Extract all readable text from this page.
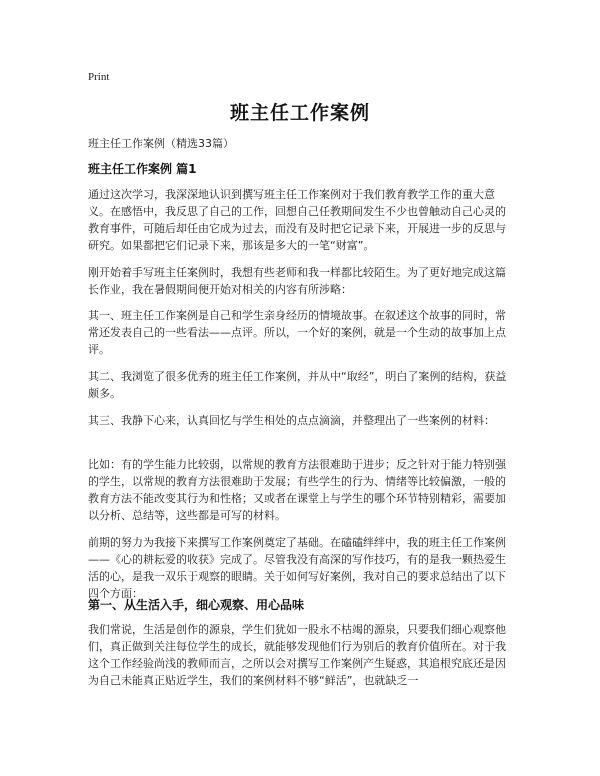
Print
班主任工作案例
班主任工作案例（精选33篇）
班主任工作案例 篇1

通过这次学习，我深深地认识到撰写班主任工作案例对于我们教育教学工作的重大意义。在感悟中，我反思了自己的工作，回想自己任教期间发生不少也曾触动自己心灵的教育事件，可随后却任由它成为过去，而没有及时把它记录下来，开展进一步的反思与研究。如果都把它们记录下来，那该是多大的一笔“财富”。

刚开始着手写班主任案例时，我想有些老师和我一样都比较陌生。为了更好地完成这篇长作业，我在暑假期间便开始对相关的内容有所涉略：

其一、班主任工作案例是自己和学生亲身经历的情境故事。在叙述这个故事的同时，常常还发表自己的一些看法——点评。所以，一个好的案例，就是一个生动的故事加上点评。

其二、我浏览了很多优秀的班主任工作案例，并从中“取经”，明白了案例的结构，获益颇多。

其三、我静下心来，认真回忆与学生相处的点点滴滴，并整理出了一些案例的材料：

比如：有的学生能力比较弱，以常规的教育方法很难助于进步；反之针对于能力特别强的学生，以常规的教育方法很难助于发展；有些学生的行为、情绪等比较偏激，一般的教育方法不能改变其行为和性格；又或者在课堂上与学生的哪个环节特别精彩，需要加以分析、总结等，这些都是可写的材料。

前期的努力为我接下来撰写工作案例奠定了基础。在磕磕绊绊中，我的班主任工作案例——《心的耕耘爱的收获》完成了。尽管我没有高深的写作技巧，有的是我一颗热爱生活的心，是我一双乐于观察的眼睛。关于如何写好案例，我对自己的要求总结出了以下四个方面：

第一、从生活入手，细心观察、用心品味

我们常说，生活是创作的源泉，学生们犹如一股永不枯竭的源泉，只要我们细心观察他们，真正做到关注每位学生的成长，就能够发现他们行为别后的教育价值所在。对于我这个工作经验尚浅的教师而言，之所以会对撰写工作案例产生疑惑，其追根究底还是因为自己未能真正贴近学生，我们的案例材料不够“鲜活”，也就缺乏一
